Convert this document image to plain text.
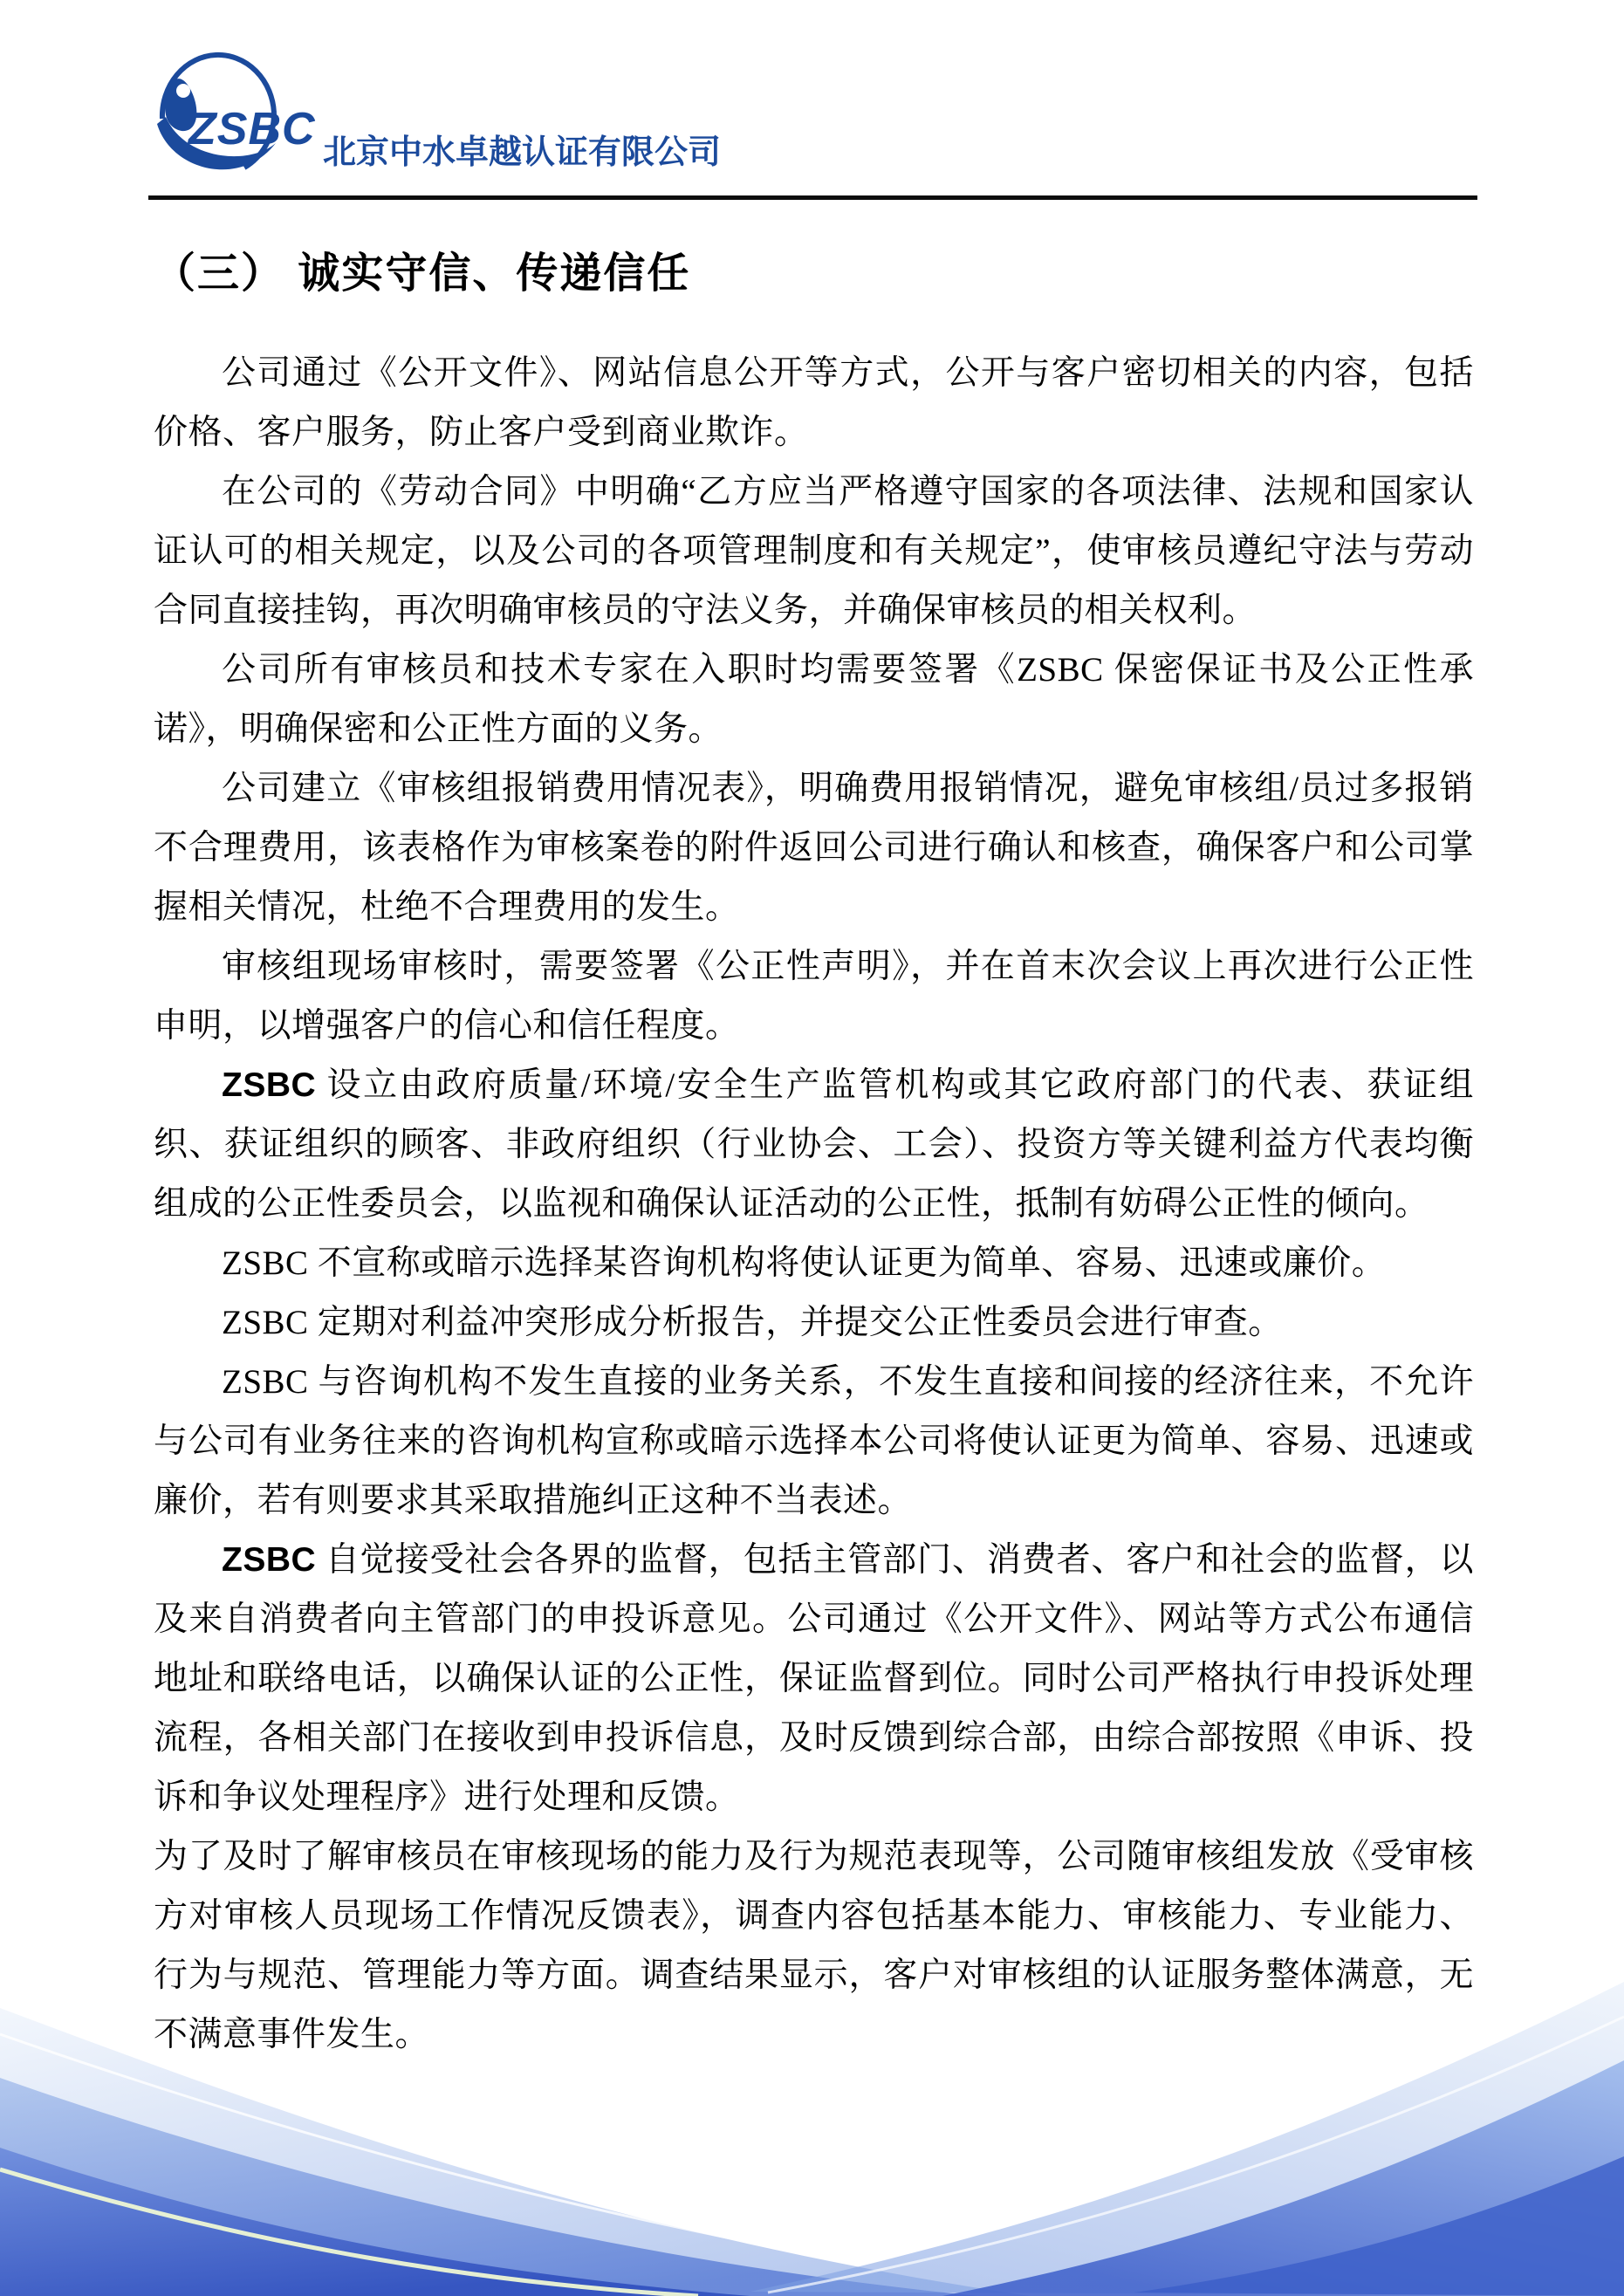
ZSBC 北京中水卓越认证有限公司
（三） 诚实守信、传递信任

公司通过《公开文件》、网站信息公开等方式，公开与客户密切相关的内容，包括价格、客户服务，防止客户受到商业欺诈。

在公司的《劳动合同》中明确“乙方应当严格遵守国家的各项法律、法规和国家认证认可的相关规定，以及公司的各项管理制度和有关规定”，使审核员遵纪守法与劳动合同直接挂钩，再次明确审核员的守法义务，并确保审核员的相关权利。

公司所有审核员和技术专家在入职时均需要签署《ZSBC 保密保证书及公正性承诺》，明确保密和公正性方面的义务。

公司建立《审核组报销费用情况表》，明确费用报销情况，避免审核组/员过多报销不合理费用，该表格作为审核案卷的附件返回公司进行确认和核查，确保客户和公司掌握相关情况，杜绝不合理费用的发生。

审核组现场审核时，需要签署《公正性声明》，并在首末次会议上再次进行公正性申明，以增强客户的信心和信任程度。

ZSBC 设立由政府质量/环境/安全生产监管机构或其它政府部门的代表、获证组织、获证组织的顾客、非政府组织（行业协会、工会）、投资方等关键利益方代表均衡组成的公正性委员会，以监视和确保认证活动的公正性，抵制有妨碍公正性的倾向。

ZSBC 不宣称或暗示选择某咨询机构将使认证更为简单、容易、迅速或廉价。

ZSBC 定期对利益冲突形成分析报告，并提交公正性委员会进行审查。

ZSBC 与咨询机构不发生直接的业务关系，不发生直接和间接的经济往来，不允许与公司有业务往来的咨询机构宣称或暗示选择本公司将使认证更为简单、容易、迅速或廉价，若有则要求其采取措施纠正这种不当表述。

ZSBC 自觉接受社会各界的监督，包括主管部门、消费者、客户和社会的监督，以及来自消费者向主管部门的申投诉意见。公司通过《公开文件》、网站等方式公布通信地址和联络电话，以确保认证的公正性，保证监督到位。同时公司严格执行申投诉处理流程，各相关部门在接收到申投诉信息，及时反馈到综合部，由综合部按照《申诉、投诉和争议处理程序》进行处理和反馈。

为了及时了解审核员在审核现场的能力及行为规范表现等，公司随审核组发放《受审核方对审核人员现场工作情况反馈表》，调查内容包括基本能力、审核能力、专业能力、行为与规范、管理能力等方面。调查结果显示，客户对审核组的认证服务整体满意，无不满意事件发生。
